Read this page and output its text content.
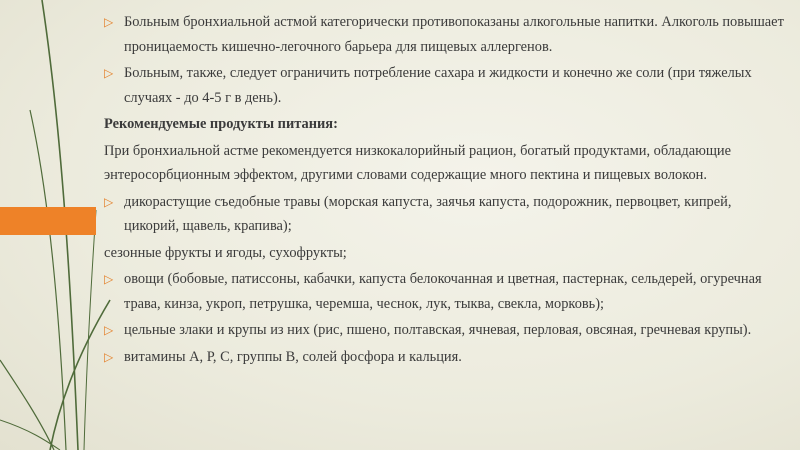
▷ Больным бронхиальной астмой категорически противопоказаны алкогольные напитки. Алкоголь повышает проницаемость кишечно-легочного барьера для пищевых аллергенов.

▷ Больным, также, следует ограничить потребление сахара и жидкости и конечно же соли (при тяжелых случаях - до 4-5 г в день).

Рекомендуемые продукты питания:

При бронхиальной астме рекомендуется низкокалорийный рацион, богатый продуктами, обладающие энтеросорбционным эффектом, другими словами содержащие много пектина и пищевых волокон.

▷ дикорастущие съедобные травы (морская капуста, заячья капуста, подорожник, первоцвет, кипрей, цикорий, щавель, крапива);

сезонные фрукты и ягоды, сухофрукты;

▷ овощи (бобовые, патиссоны, кабачки, капуста белокочанная и цветная, пастернак, сельдерей, огуречная трава, кинза, укроп, петрушка, черемша, чеснок, лук, тыква, свекла, морковь);

▷ цельные злаки и крупы из них (рис, пшено, полтавская, ячневая, перловая, овсяная, гречневая крупы).

▷ витамины А, Р, С, группы В, солей фосфора и кальция.
